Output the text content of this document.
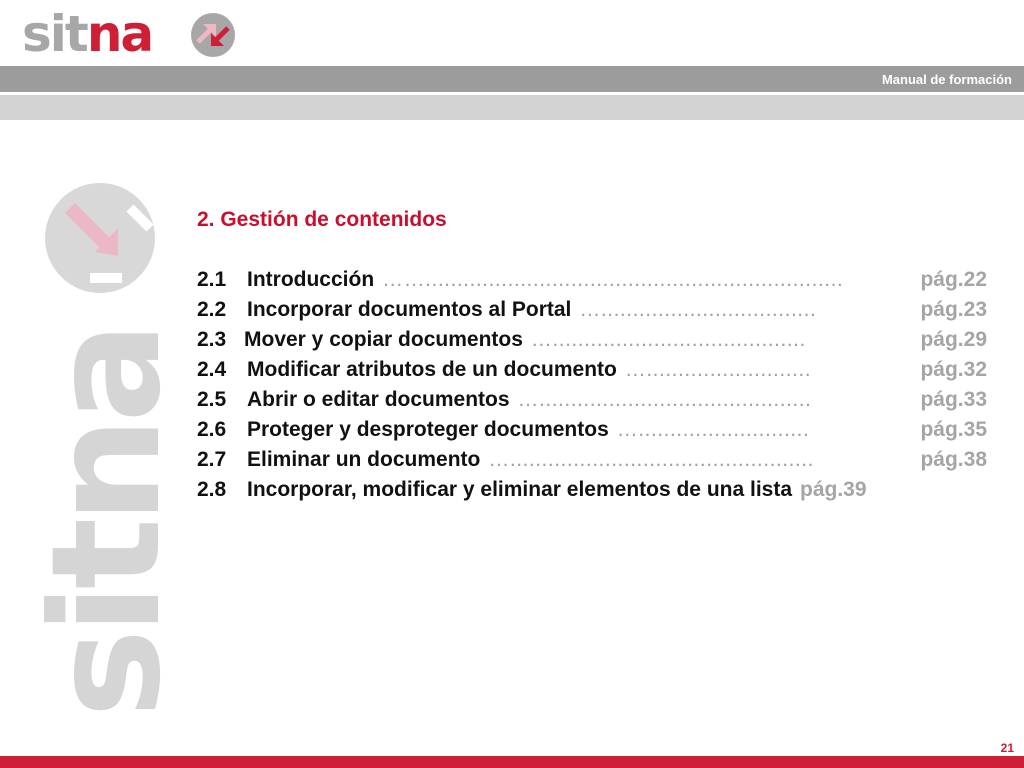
sitna
Manual de formación
sitna
2. Gestión de contenidos
2.1 Introducción ……..................................................................	pág.22
2.2 Incorporar documentos al Portal …..................................	pág.23
2.3 Mover y copiar documentos …........................................	pág.29
2.4 Modificar atributos de un documento …..........................	pág.32
2.5 Abrir o editar documentos …...........................................	pág.33
2.6 Proteger y desproteger documentos …...........................	pág.35
2.7 Eliminar un documento …................................................	pág.38
2.8 Incorporar, modificar y eliminar elementos de una lista pág.39
21
